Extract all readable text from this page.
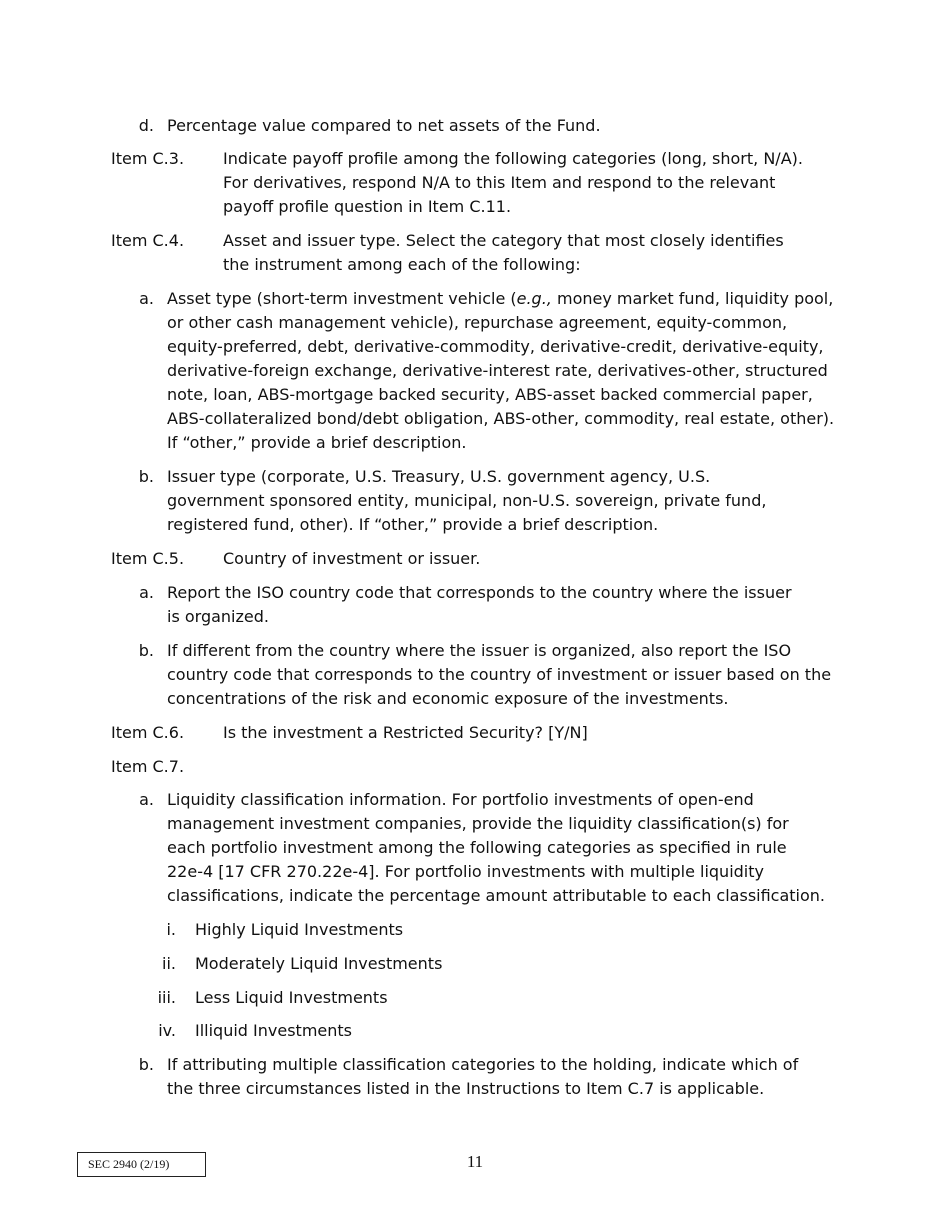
d. Percentage value compared to net assets of the Fund.

Item C.3. Indicate payoff profile among the following categories (long, short, N/A). For derivatives, respond N/A to this Item and respond to the relevant payoff profile question in Item C.11.

Item C.4. Asset and issuer type. Select the category that most closely identifies the instrument among each of the following:

a. Asset type (short-term investment vehicle (e.g., money market fund, liquidity pool, or other cash management vehicle), repurchase agreement, equity-common, equity-preferred, debt, derivative-commodity, derivative-credit, derivative-equity, derivative-foreign exchange, derivative-interest rate, derivatives-other, structured note, loan, ABS-mortgage backed security, ABS-asset backed commercial paper, ABS-collateralized bond/debt obligation, ABS-other, commodity, real estate, other). If “other,” provide a brief description.

b. Issuer type (corporate, U.S. Treasury, U.S. government agency, U.S. government sponsored entity, municipal, non-U.S. sovereign, private fund, registered fund, other). If “other,” provide a brief description.

Item C.5. Country of investment or issuer.

a. Report the ISO country code that corresponds to the country where the issuer is organized.

b. If different from the country where the issuer is organized, also report the ISO country code that corresponds to the country of investment or issuer based on the concentrations of the risk and economic exposure of the investments.

Item C.6. Is the investment a Restricted Security? [Y/N]

Item C.7.
a. Liquidity classification information. For portfolio investments of open-end management investment companies, provide the liquidity classification(s) for each portfolio investment among the following categories as specified in rule 22e-4 [17 CFR 270.22e-4]. For portfolio investments with multiple liquidity classifications, indicate the percentage amount attributable to each classification.

i. Highly Liquid Investments

ii. Moderately Liquid Investments

iii. Less Liquid Investments

iv. Illiquid Investments

b. If attributing multiple classification categories to the holding, indicate which of the three circumstances listed in the Instructions to Item C.7 is applicable.

SEC 2940 (2/19)	11
